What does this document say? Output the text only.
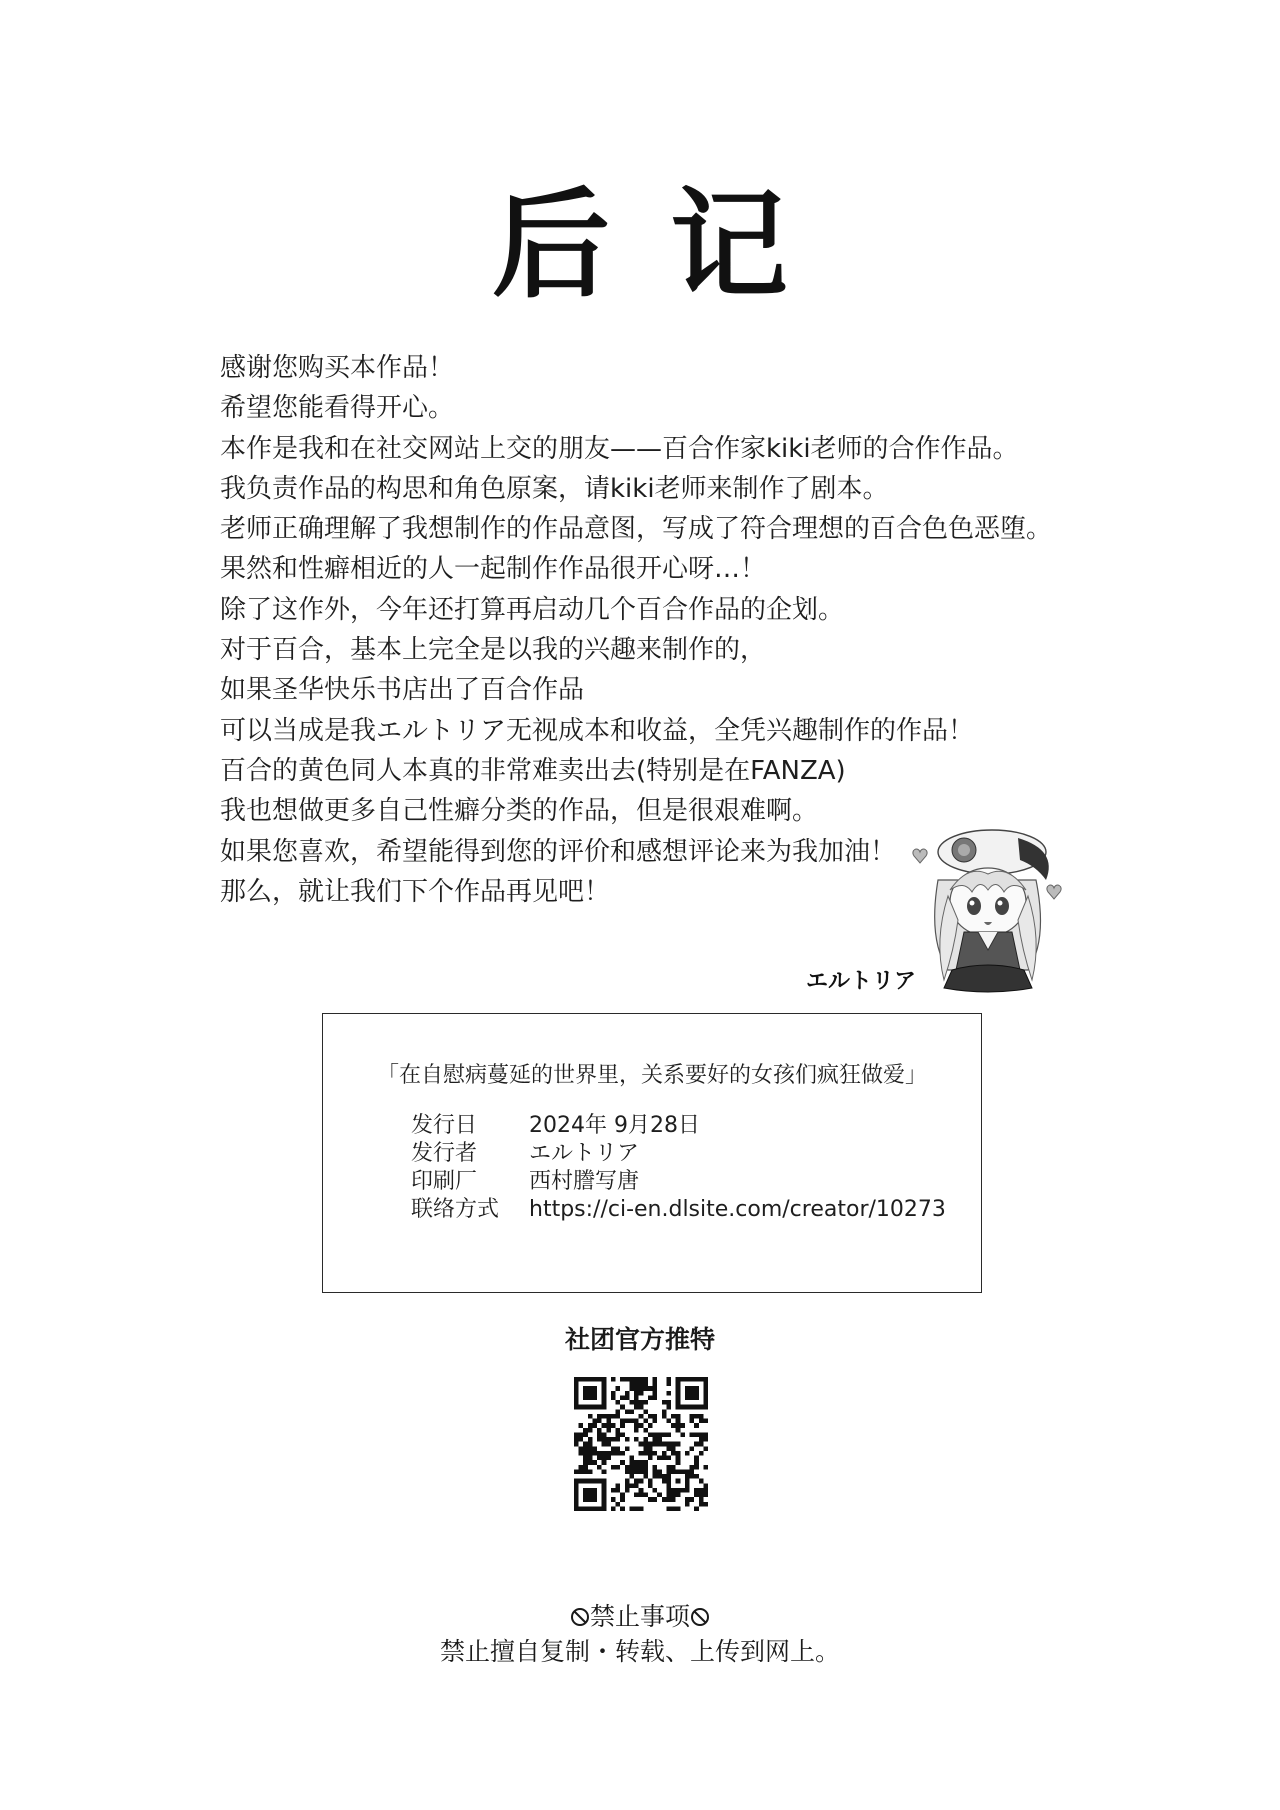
后记
感谢您购买本作品！
希望您能看得开心。
本作是我和在社交网站上交的朋友——百合作家kiki老师的合作作品。
我负责作品的构思和角色原案，请kiki老师来制作了剧本。
老师正确理解了我想制作的作品意图，写成了符合理想的百合色色恶堕。
果然和性癖相近的人一起制作作品很开心呀…！
除了这作外，今年还打算再启动几个百合作品的企划。
对于百合，基本上完全是以我的兴趣来制作的，
如果圣华快乐书店出了百合作品
可以当成是我エルトリア无视成本和收益，全凭兴趣制作的作品！
百合的黄色同人本真的非常难卖出去(特别是在FANZA)
我也想做更多自己性癖分类的作品，但是很艰难啊。
如果您喜欢，希望能得到您的评价和感想评论来为我加油！
那么，就让我们下个作品再见吧！
エルトリア
「在自慰病蔓延的世界里，关系要好的女孩们疯狂做爱」
发行日	2024年 9月28日
发行者	エルトリア
印刷厂	西村謄写唐
联络方式	https://ci-en.dlsite.com/creator/10273
社团官方推特
禁止事项
禁止擅自复制・转载、上传到网上。
